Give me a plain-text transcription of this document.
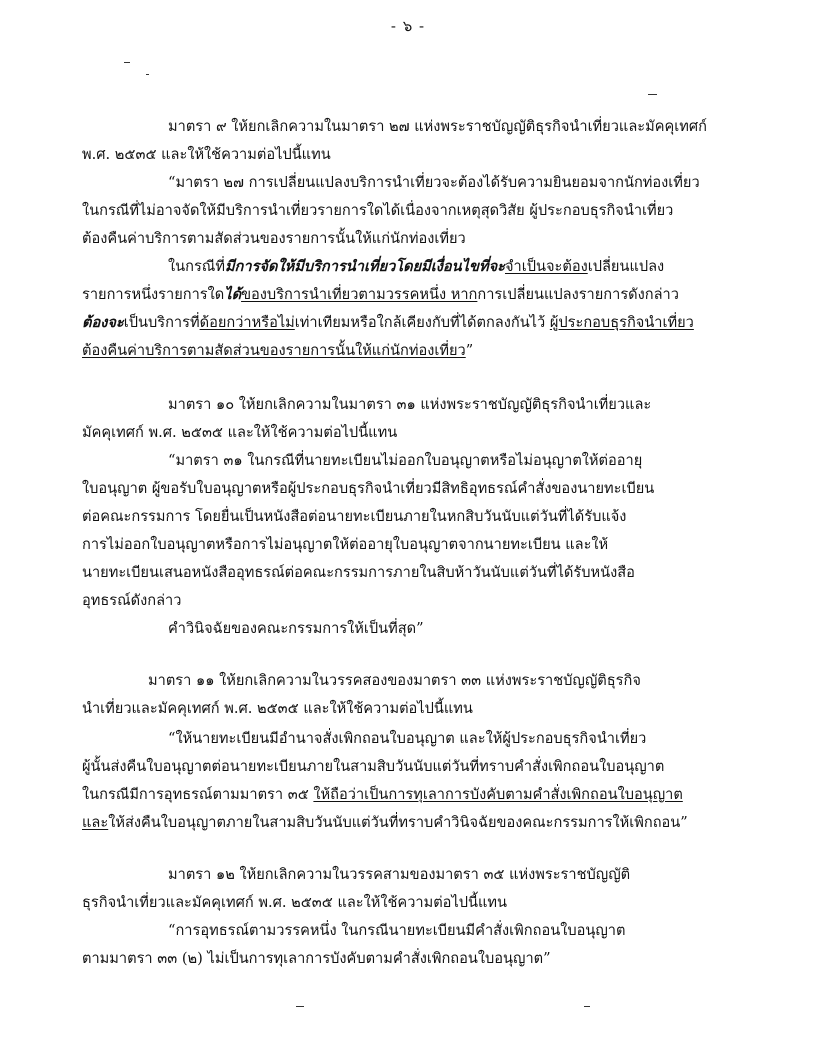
- ๖ -
มาตรา ๙ ให้ยกเลิกความในมาตรา ๒๗ แห่งพระราชบัญญัติธุรกิจนำเที่ยวและมัคคุเทศก์
พ.ศ. ๒๕๓๕ และให้ใช้ความต่อไปนี้แทน
“มาตรา ๒๗ การเปลี่ยนแปลงบริการนำเที่ยวจะต้องได้รับความยินยอมจากนักท่องเที่ยว
ในกรณีที่ไม่อาจจัดให้มีบริการนำเที่ยวรายการใดได้เนื่องจากเหตุสุดวิสัย ผู้ประกอบธุรกิจนำเที่ยว
ต้องคืนค่าบริการตามสัดส่วนของรายการนั้นให้แก่นักท่องเที่ยว
ในกรณีที่มีการจัดให้มีบริการนำเที่ยวโดยมีเงื่อนไขที่จะจำเป็นจะต้องเปลี่ยนแปลง
รายการหนึ่งรายการใดได้ของบริการนำเที่ยวตามวรรคหนึ่ง หากการเปลี่ยนแปลงรายการดังกล่าว
ต้องจะเป็นบริการที่ด้อยกว่าหรือไม่เท่าเทียมหรือใกล้เคียงกับที่ได้ตกลงกันไว้ ผู้ประกอบธุรกิจนำเที่ยว
ต้องคืนค่าบริการตามสัดส่วนของรายการนั้นให้แก่นักท่องเที่ยว”
มาตรา ๑๐ ให้ยกเลิกความในมาตรา ๓๑ แห่งพระราชบัญญัติธุรกิจนำเที่ยวและ
มัคคุเทศก์ พ.ศ. ๒๕๓๕ และให้ใช้ความต่อไปนี้แทน
“มาตรา ๓๑ ในกรณีที่นายทะเบียนไม่ออกใบอนุญาตหรือไม่อนุญาตให้ต่ออายุ
ใบอนุญาต ผู้ขอรับใบอนุญาตหรือผู้ประกอบธุรกิจนำเที่ยวมีสิทธิอุทธรณ์คำสั่งของนายทะเบียน
ต่อคณะกรรมการ โดยยื่นเป็นหนังสือต่อนายทะเบียนภายในหกสิบวันนับแต่วันที่ได้รับแจ้ง
การไม่ออกใบอนุญาตหรือการไม่อนุญาตให้ต่ออายุใบอนุญาตจากนายทะเบียน และให้
นายทะเบียนเสนอหนังสืออุทธรณ์ต่อคณะกรรมการภายในสิบห้าวันนับแต่วันที่ได้รับหนังสือ
อุทธรณ์ดังกล่าว
คำวินิจฉัยของคณะกรรมการให้เป็นที่สุด”
มาตรา ๑๑ ให้ยกเลิกความในวรรคสองของมาตรา ๓๓ แห่งพระราชบัญญัติธุรกิจ
นำเที่ยวและมัคคุเทศก์ พ.ศ. ๒๕๓๕ และให้ใช้ความต่อไปนี้แทน
“ให้นายทะเบียนมีอำนาจสั่งเพิกถอนใบอนุญาต และให้ผู้ประกอบธุรกิจนำเที่ยว
ผู้นั้นส่งคืนใบอนุญาตต่อนายทะเบียนภายในสามสิบวันนับแต่วันที่ทราบคำสั่งเพิกถอนใบอนุญาต
ในกรณีมีการอุทธรณ์ตามมาตรา ๓๕ ให้ถือว่าเป็นการทุเลาการบังคับตามคำสั่งเพิกถอนใบอนุญาต
และให้ส่งคืนใบอนุญาตภายในสามสิบวันนับแต่วันที่ทราบคำวินิจฉัยของคณะกรรมการให้เพิกถอน”
มาตรา ๑๒ ให้ยกเลิกความในวรรคสามของมาตรา ๓๕ แห่งพระราชบัญญัติ
ธุรกิจนำเที่ยวและมัคคุเทศก์ พ.ศ. ๒๕๓๕ และให้ใช้ความต่อไปนี้แทน
“การอุทธรณ์ตามวรรคหนึ่ง ในกรณีนายทะเบียนมีคำสั่งเพิกถอนใบอนุญาต
ตามมาตรา ๓๓ (๒) ไม่เป็นการทุเลาการบังคับตามคำสั่งเพิกถอนใบอนุญาต”
